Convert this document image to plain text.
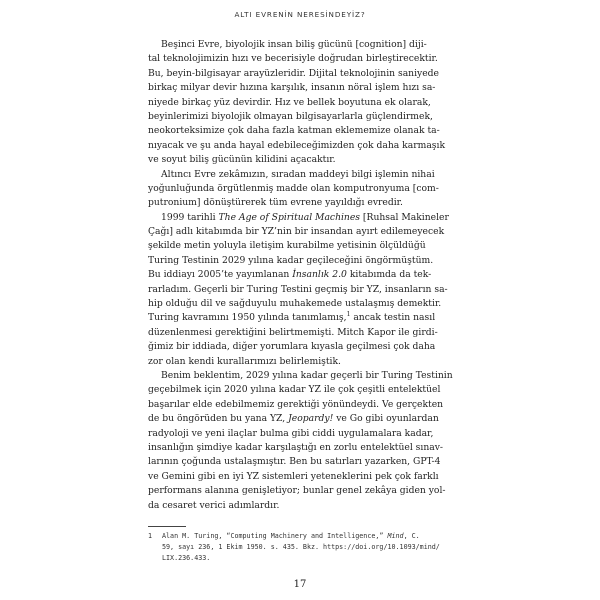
ALTI EVRENİN NERESİNDEYİZ?
Beşinci Evre, biyolojik insan biliş gücünü [cognition] diji-
tal teknolojimizin hızı ve becerisiyle doğrudan birleştirecektir.
Bu, beyin-bilgisayar arayüzleridir. Dijital teknolojinin saniyede
birkaç milyar devir hızına karşılık, insanın nöral işlem hızı sa-
niyede birkaç yüz devirdir. Hız ve bellek boyutuna ek olarak,
beyinlerimizi biyolojik olmayan bilgisayarlarla güçlendirmek,
neokorteksimize çok daha fazla katman eklememize olanak ta-
nıyacak ve şu anda hayal edebileceğimizden çok daha karmaşık
ve soyut biliş gücünün kilidini açacaktır.
Altıncı Evre zekâmızın, sıradan maddeyi bilgi işlemin nihai
yoğunluğunda örgütlenmiş madde olan komputronyuma [com-
putronium] dönüştürerek tüm evrene yayıldığı evredir.
1999 tarihli The Age of Spiritual Machines [Ruhsal Makineler
Çağı] adlı kitabımda bir YZ’nin bir insandan ayırt edilemeyecek
şekilde metin yoluyla iletişim kurabilme yetisinin ölçüldüğü
Turing Testinin 2029 yılına kadar geçileceğini öngörmüştüm.
Bu iddiayı 2005’te yayımlanan İnsanlık 2.0 kitabımda da tek-
rarladım. Geçerli bir Turing Testini geçmiş bir YZ, insanların sa-
hip olduğu dil ve sağduyulu muhakemede ustalaşmış demektir.
Turing kavramını 1950 yılında tanımlamış,$^1$ ancak testin nasıl
düzenlenmesi gerektiğini belirtmemişti. Mitch Kapor ile girdi-
ğimiz bir iddiada, diğer yorumlara kıyasla geçilmesi çok daha
zor olan kendi kurallarımızı belirlemiştik.
Benim beklentim, 2029 yılına kadar geçerli bir Turing Testinin
geçebilmek için 2020 yılına kadar YZ ile çok çeşitli entelektüel
başarılar elde edebilmemiz gerektiği yönündeydi. Ve gerçekten
de bu öngörüden bu yana YZ, Jeopardy! ve Go gibi oyunlardan
radyoloji ve yeni ilaçlar bulma gibi ciddi uygulamalara kadar,
insanlığın şimdiye kadar karşılaştığı en zorlu entelektüel sınav-
larının çoğunda ustalaşmıştır. Ben bu satırları yazarken, GPT-4
ve Gemini gibi en iyi YZ sistemleri yeteneklerini pek çok farklı
performans alanına genişletiyor; bunlar genel zekâya giden yol-
da cesaret verici adımlardır.
1 Alan M. Turing, “Computing Machinery and Intelligence,” Mind, C.
59, sayı 236, 1 Ekim 1950. s. 435. Bkz. https://doi.org/10.1093/mind/
LIX.236.433.
17
